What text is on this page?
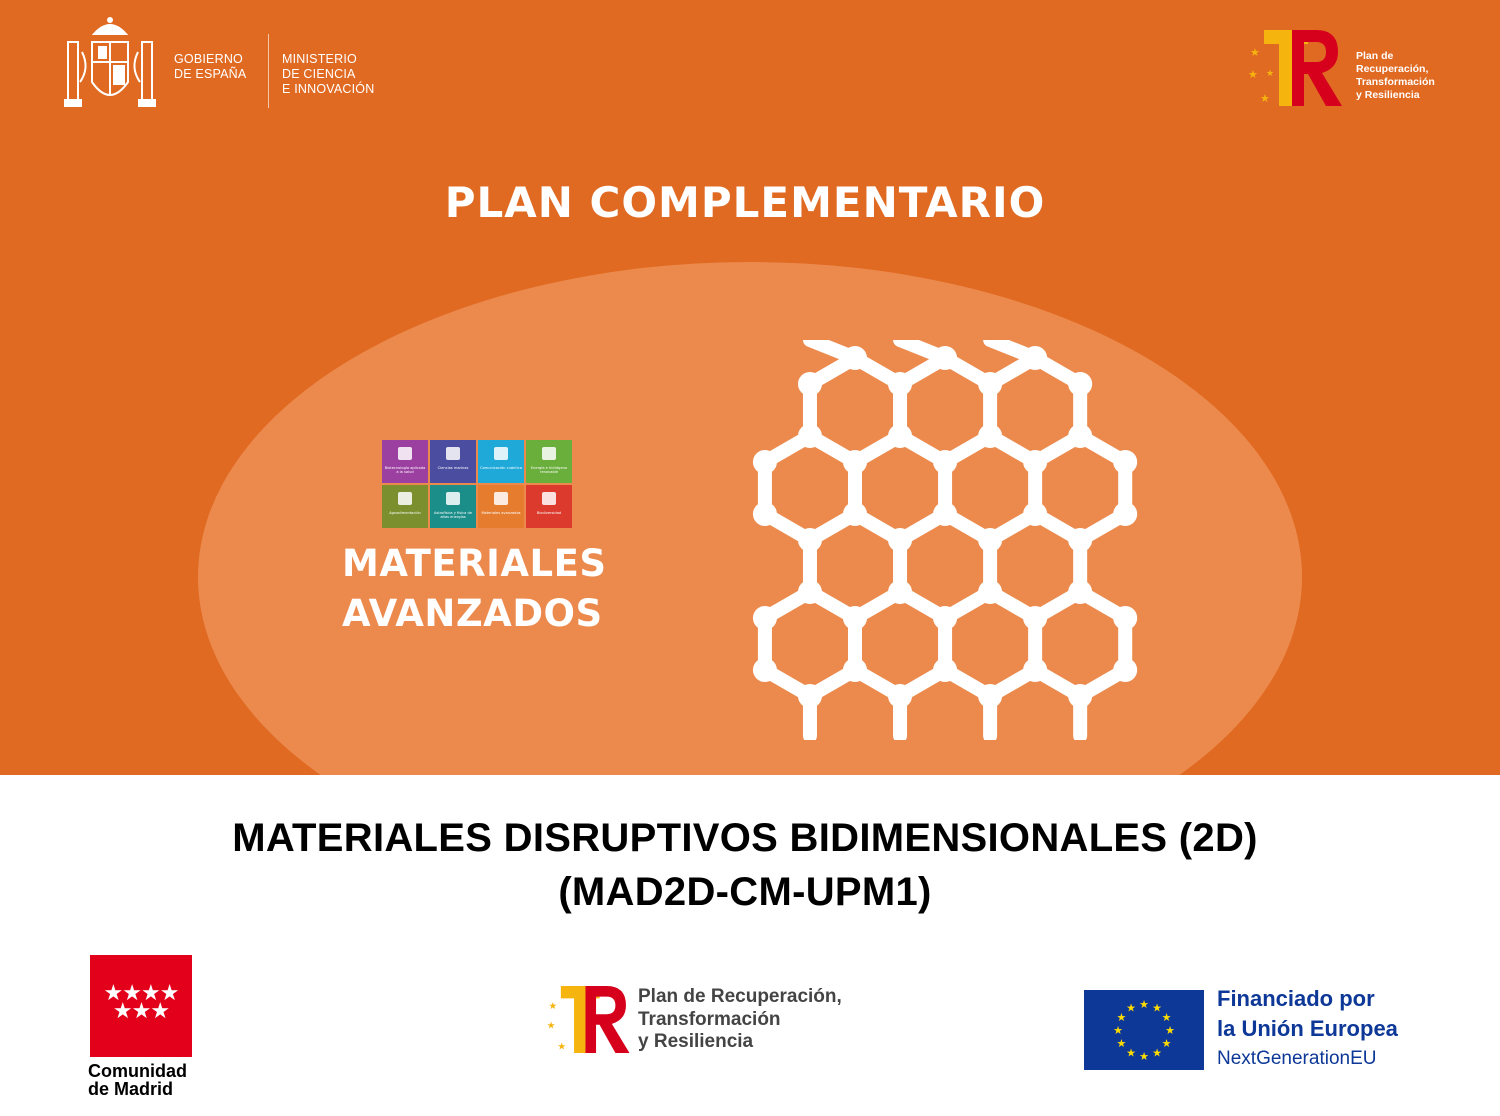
GOBIERNO
DE ESPAÑA
MINISTERIO
DE CIENCIA
E INNOVACIÓN
★
★
★
★
Plan de
Recuperación,
Transformación
y Resiliencia
PLAN COMPLEMENTARIO
Biotecnología aplicada a la salud
Ciencias marinas	Comunicación cuántica	Energía e hidrógeno renovable
Agroalimentación	Astrofísica y física de altas energías
Materiales avanzados	Biodiversidad
MATERIALES
AVANZADOS
MATERIALES DISRUPTIVOS BIDIMENSIONALES (2D)
(MAD2D-CM-UPM1)
★★★★
★★★
Comunidad
de Madrid
★
★
★
Plan de Recuperación,
Transformación
y Resiliencia
★
★
★
★
★
★
★
★
★ ★ ★
★
Financiado por
la Unión Europea
NextGenerationEU
